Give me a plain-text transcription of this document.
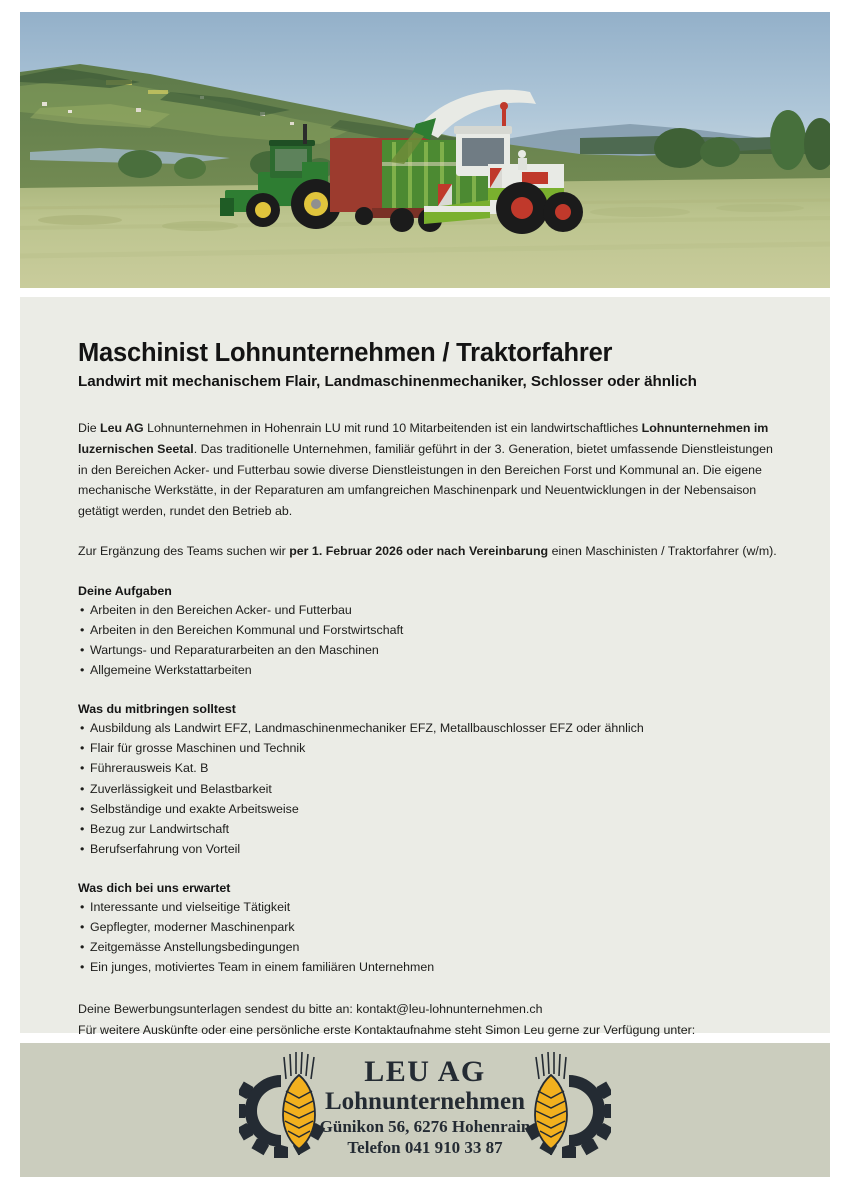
Maschinist Lohnunternehmen / Traktorfahrer
Landwirt mit mechanischem Flair, Landmaschinenmechaniker, Schlosser oder ähnlich

Die Leu AG Lohnunternehmen in Hohenrain LU mit rund 10 Mitarbeitenden ist ein landwirtschaftliches Lohnunternehmen im luzernischen Seetal. Das traditionelle Unternehmen, familiär geführt in der 3. Generation, bietet umfassende Dienstleistungen in den Bereichen Acker- und Futterbau sowie diverse Dienstleistungen in den Bereichen Forst und Kommunal an. Die eigene mechanische Werkstätte, in der Reparaturen am umfangreichen Maschinenpark und Neuentwicklungen in der Nebensaison getätigt werden, rundet den Betrieb ab.

Zur Ergänzung des Teams suchen wir per 1. Februar 2026 oder nach Vereinbarung einen Maschinisten / Traktorfahrer (w/m).

Deine Aufgaben
• Arbeiten in den Bereichen Acker- und Futterbau
• Arbeiten in den Bereichen Kommunal und Forstwirtschaft
• Wartungs- und Reparaturarbeiten an den Maschinen
• Allgemeine Werkstattarbeiten
Was du mitbringen solltest
• Ausbildung als Landwirt EFZ, Landmaschinenmechaniker EFZ, Metallbauschlosser EFZ oder ähnlich
• Flair für grosse Maschinen und Technik
• Führerausweis Kat. B
• Zuverlässigkeit und Belastbarkeit
• Selbständige und exakte Arbeitsweise
• Bezug zur Landwirtschaft
• Berufserfahrung von Vorteil
Was dich bei uns erwartet
• Interessante und vielseitige Tätigkeit
• Gepflegter, moderner Maschinenpark
• Zeitgemässe Anstellungsbedingungen
• Ein junges, motiviertes Team in einem familiären Unternehmen
Deine Bewerbungsunterlagen sendest du bitte an: kontakt@leu-lohnunternehmen.ch
Für weitere Auskünfte oder eine persönliche erste Kontaktaufnahme steht Simon Leu gerne zur Verfügung unter:
LEU AG
Lohnunternehmen
Günikon 56, 6276 Hohenrain
Telefon 041 910 33 87
